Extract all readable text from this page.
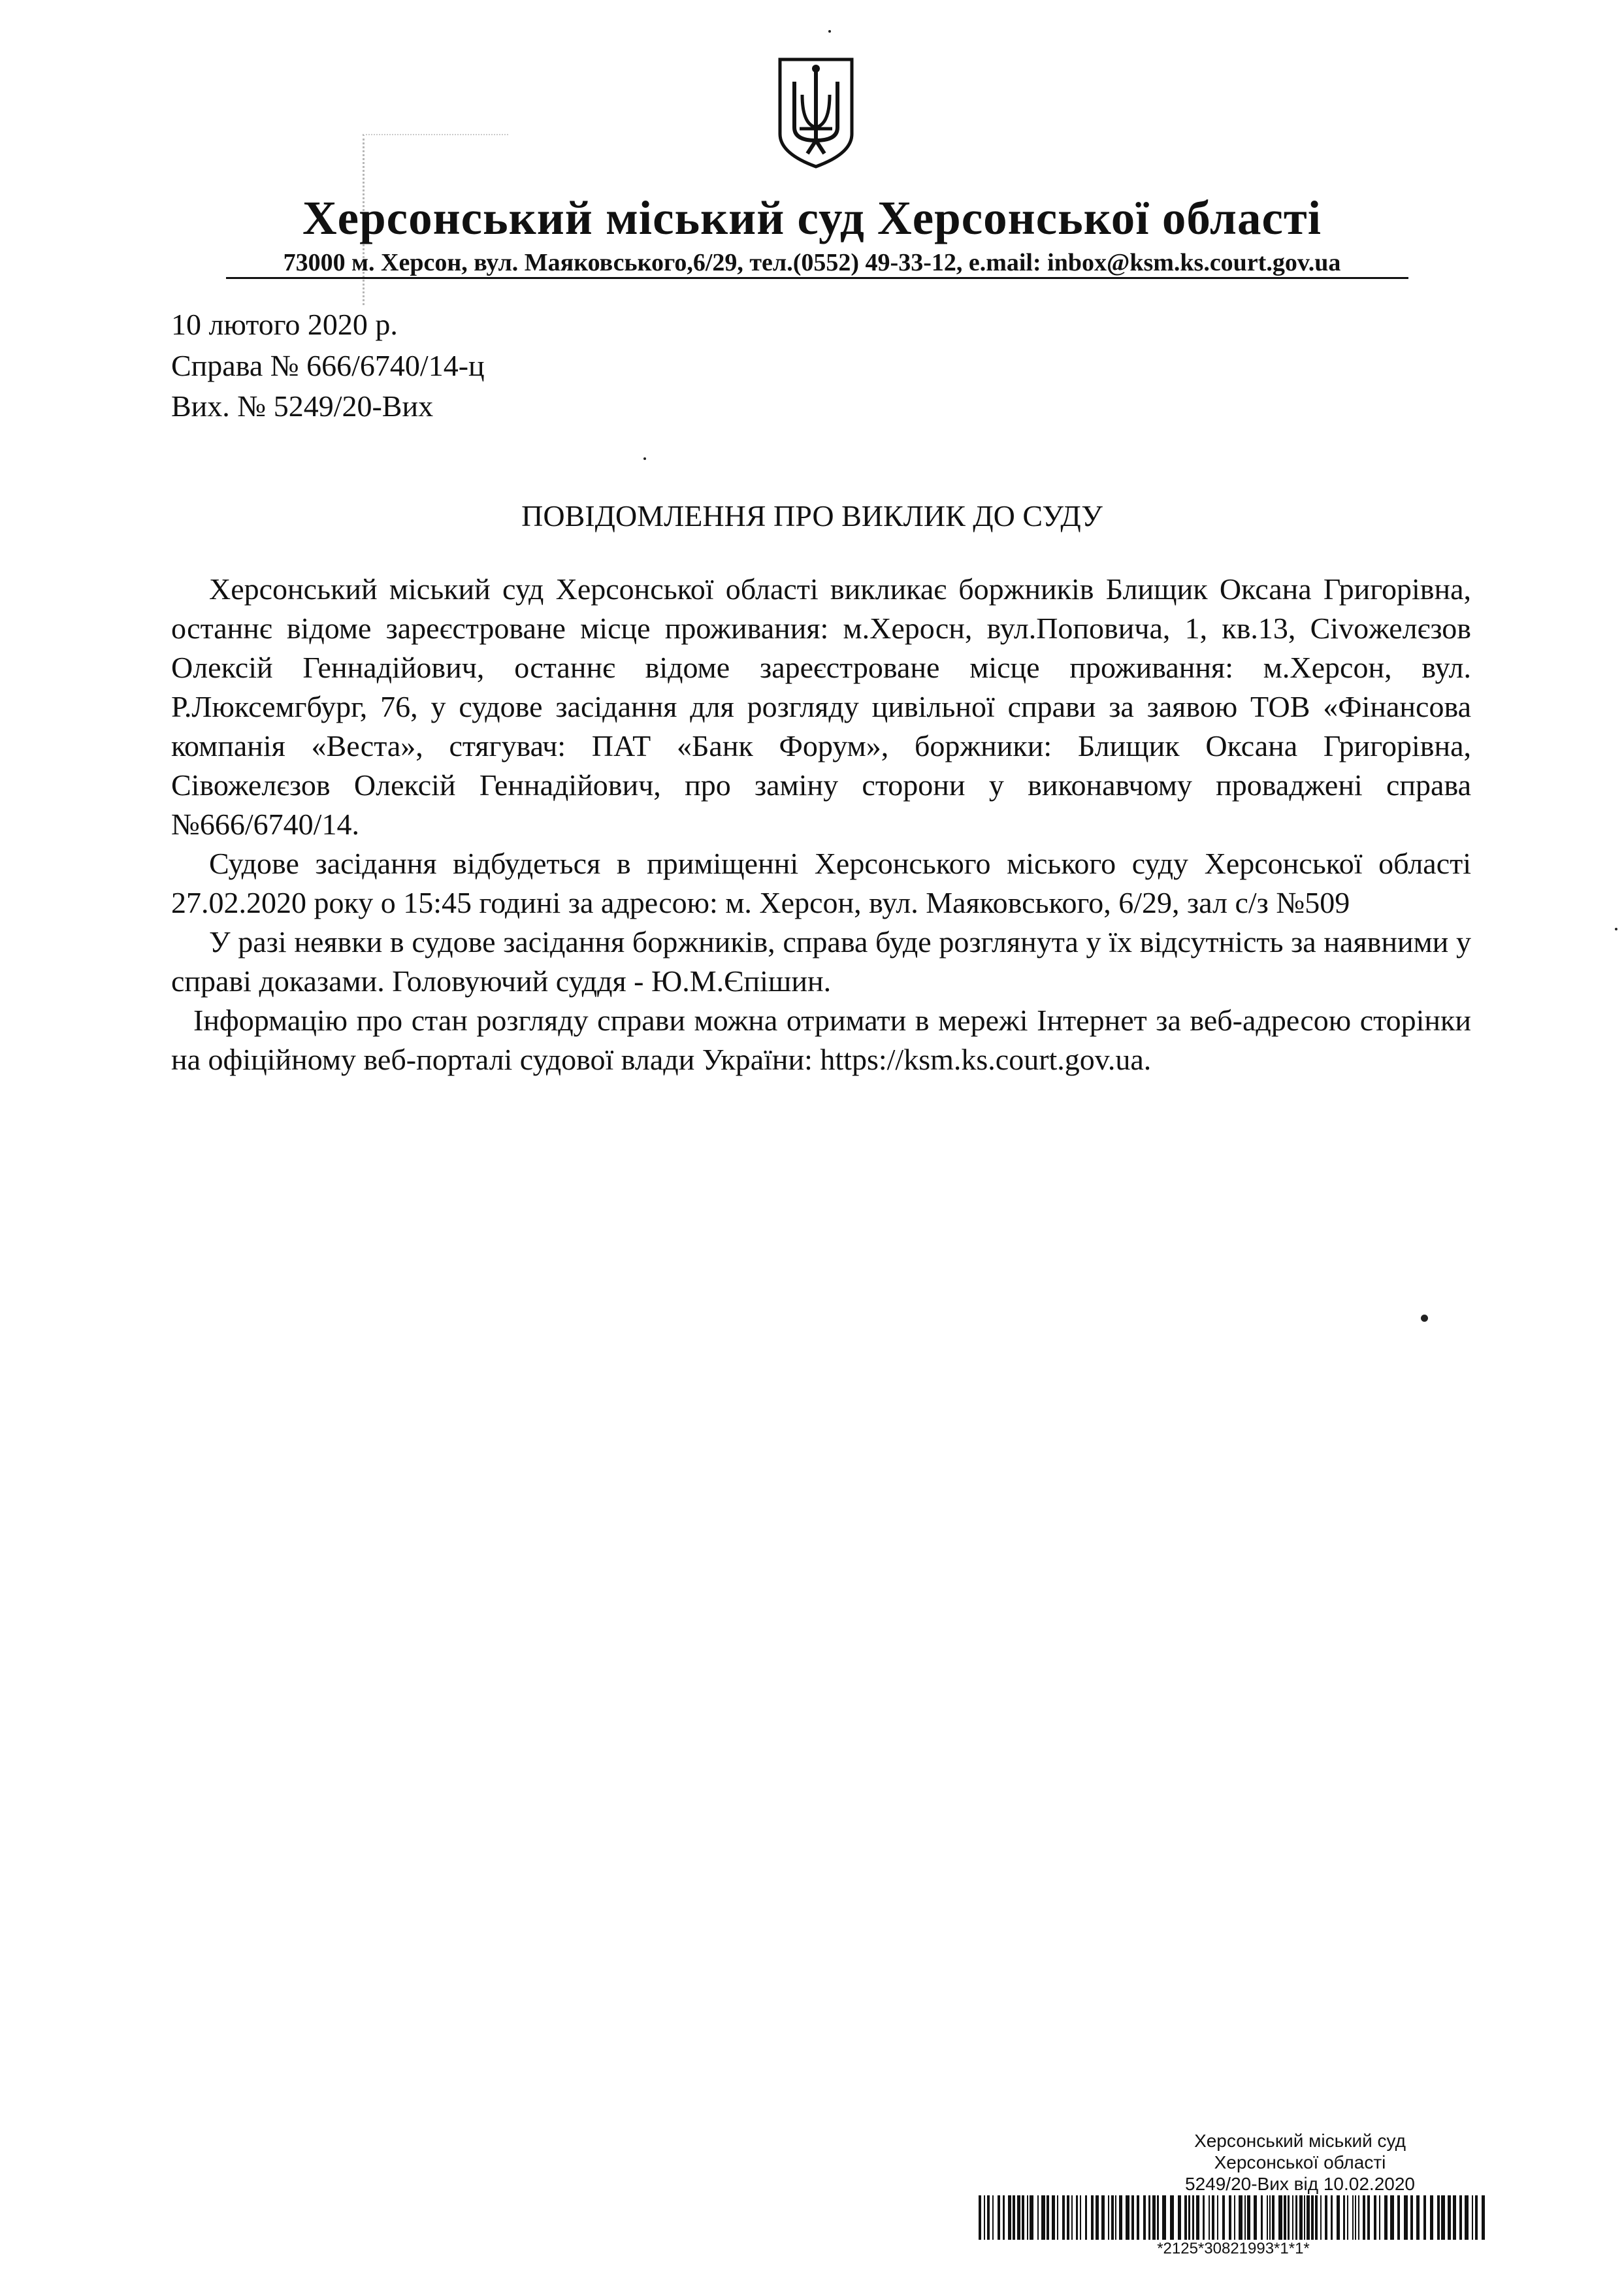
Херсонський міський суд Херсонської області
73000 м. Херсон, вул. Маяковського,6/29, тел.(0552) 49-33-12, e.mail: inbox@ksm.ks.court.gov.ua
10 лютого 2020 р.
Справа № 666/6740/14-ц
Вих. № 5249/20-Вих
ПОВІДОМЛЕННЯ ПРО ВИКЛИК ДО СУДУ

Херсонський міський суд Херсонської області викликає боржників Блищик Оксана Григорівна, останнє відоме зареєстроване місце проживания: м.Херосн, вул.Поповича, 1, кв.13, Сіvoжелєзов Олексій Геннадійович, останнє відоме зареєстроване місце проживання: м.Херсон, вул. Р.Люксемгбург, 76, у судове засідання для розгляду цивільної справи за заявою ТОВ «Фінансова компанія «Веста», стягувач: ПАТ «Банк Форум», боржники: Блищик Оксана Григорівна, Сівожелєзов Олексій Геннадійович, про заміну сторони у виконавчому провадженi справа №666/6740/14.

Судове засідання відбудеться в приміщенні Херсонського міського суду Херсонської області 27.02.2020 року о 15:45 годині за адресою: м. Херсон, вул. Маяковського, 6/29, зал с/з №509

У разі неявки в судове засідання боржників, справа буде розглянута у їх відсутність за наявними у справі доказами. Головуючий суддя - Ю.М.Єпішин.

Інформацію про стан розгляду справи можна отримати в мережі Інтернет за веб-адресою сторінки на офіційному веб-порталі судової влади України: https://ksm.ks.court.gov.ua.

Херсонський міський суд
Херсонської області
5249/20-Вих від 10.02.2020
*2125*30821993*1*1*
